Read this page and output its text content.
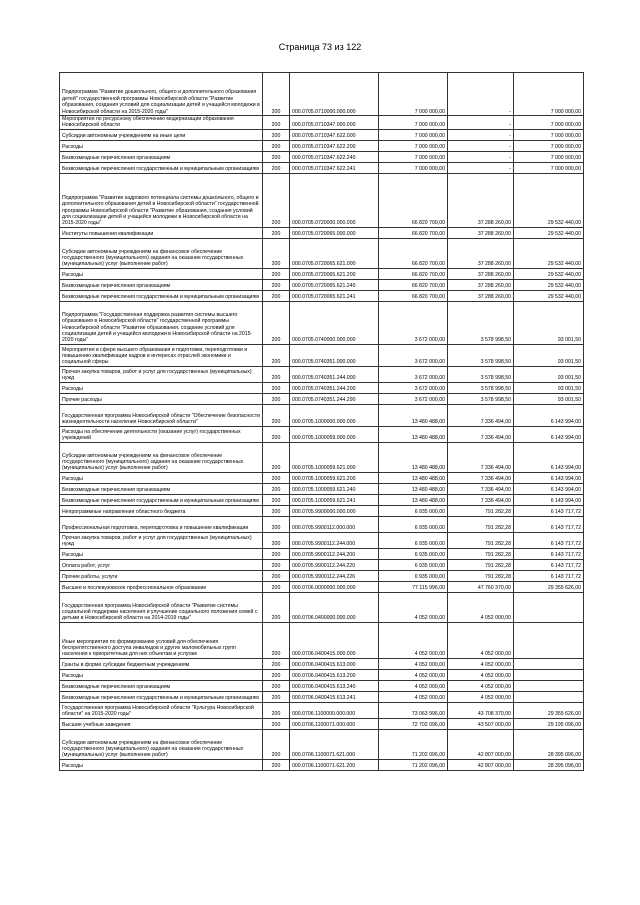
Страница 73 из 122
Подпрограмма "Развитие дошкольного, общего и дополнительного образования детей" государственной программы Новосибирской области "Развитие образования, создания условий для социализации детей и учащейся молодежи в Новосибирской области на 2015-2020 годы"	200	000.0705.0710000.000.000	7 000 000,00	-	7 000 000,00
Мероприятия по ресурсному обеспечению модернизации образования Новосибирской области	200	000.0705.0710347.000.000	7 000 000,00	-	7 000 000,00
Субсидии автономным учреждениям на иные цели	200	000.0705.0710347.622.000	7 000 000,00	-	7 000 000,00
Расходы	200	000.0705.0710347.622.200	7 000 000,00	-	7 000 000,00
Безвозмездные перечисления организациям	200	000.0705.0710347.622.240	7 000 000,00	-	7 000 000,00
Безвозмездные перечисления государственным и муниципальным организациям	200	000.0705.0710347.622.241	7 000 000,00	-	7 000 000,00
Подпрограмма "Развитие кадрового потенциала системы дошкольного, общего и дополнительного образования детей в Новосибирской области" государственной программы Новосибирской области "Развитие образования, создания условий для социализации детей и учащейся молодежи в Новосибирской области на 2015-2020 годы"	200	000.0705.0720000.000.000	66 820 700,00	37 288 260,00	29 532 440,00
Институты повышения квалификации	200	000.0705.0720065.000.000	66 820 700,00	37 288 260,00	29 532 440,00
Субсидии автономным учреждениям на финансовое обеспечение государственного (муниципального) задания на оказание государственных (муниципальных) услуг (выполнение работ)	200	000.0705.0720065.621.000	66 820 700,00	37 288 260,00	29 532 440,00
Расходы	200	000.0705.0720065.621.200	66 820 700,00	37 288 260,00	29 532 440,00
Безвозмездные перечисления организациям	200	000.0705.0720065.621.240	66 820 700,00	37 288 260,00	29 532 440,00
Безвозмездные перечисления государственным и муниципальным организациям	200	000.0705.0720065.621.241	66 820 700,00	37 288 260,00	29 532 440,00
Подпрограмма "Государственная поддержка развития системы высшего образования в Новосибирской области" государственной программы Новосибирской области "Развитие образования, создание условий для социализации детей и учащейся молодежи в Новосибирской области на 2015-2020 годы"	200	000.0705.0740000.000.000	3 672 000,00	3 578 998,50	93 001,50
Мероприятия в сфере высшего образования и подготовки, переподготовки и повышению квалификации кадров в интересах отраслей экономики и социальной сферы	200	000.0705.0740351.000.000	3 672 000,00	3 578 998,50	93 001,50
Прочая закупка товаров, работ и услуг для государственных (муниципальных) нужд	200	000.0705.0740351.244.000	3 672 000,00	3 578 998,50	93 001,50
Расходы	200	000.0705.0740351.244.200	3 672 000,00	3 578 998,50	93 001,50
Прочие расходы	200	000.0705.0740351.244.290	3 672 000,00	3 578 998,50	93 001,50
Государственная программа Новосибирской области "Обеспечение безопасности жизнедеятельности населения Новосибирской области"	200	000.0705.1000000.000.000	13 480 488,00	7 336 494,00	6 143 994,00
Расходы на обеспечение деятельности (оказание услуг) государственных учреждений	200	000.0705.1000059.000.000	13 480 488,00	7 336 494,00	6 143 994,00
Субсидии автономным учреждениям на финансовое обеспечение государственного (муниципального) задания на оказание государственных (муниципальных) услуг (выполнение работ)	200	000.0705.1000059.621.000	13 480 488,00	7 336 494,00	6 143 994,00
Расходы	200	000.0705.1000059.621.200	13 480 488,00	7 336 494,00	6 143 994,00
Безвозмездные перечисления организациям	200	000.0705.1000059.621.240	13 480 488,00	7 336 494,00	6 143 994,00
Безвозмездные перечисления государственным и муниципальным организациям	200	000.0705.1000059.621.241	13 480 488,00	7 336 494,00	6 143 994,00
Непрограммные направления областного бюджета	200	000.0705.9900000.000.000	6 935 000,00	791 282,28	6 143 717,72
Профессиональная подготовка, переподготовка и повышение квалификации	200	000.0705.9900112.000.000	6 935 000,00	791 282,28	6 143 717,72
Прочая закупка товаров, работ и услуг для государственных (муниципальных) нужд	200	000.0705.9900112.244.000	6 935 000,00	791 282,28	6 143 717,72
Расходы	200	000.0705.9900112.244.200	6 935 000,00	791 282,28	6 143 717,72
Оплата работ, услуг	200	000.0705.9900112.244.220	6 935 000,00	791 282,28	6 143 717,72
Прочие работы, услуги	200	000.0705.9900112.244.226	6 935 000,00	791 282,28	6 143 717,72
Высшее и послевузовское профессиональное образование	200	000.0706.0000000.000.000	77 115 996,00	47 760 370,00	29 355 626,00
Государственная программа Новосибирской области "Развитие системы социальной поддержки населения и улучшение социального положения семей с детьми в Новосибирской области на 2014-2019 годы"	200	000.0706.0400000.000.000	4 052 000,00	4 052 000,00	
Иные мероприятия по формированию условий для обеспечения беспрепятственного доступа инвалидов и других маломобильных групп населения к приоритетным для них объектам и услугам	200	000.0706.0400415.000.000	4 052 000,00	4 052 000,00	
Гранты в форме субсидии бюджетным учреждениям	200	000.0706.0400415.613.000	4 052 000,00	4 052 000,00	
Расходы	200	000.0706.0400415.613.200	4 052 000,00	4 052 000,00	
Безвозмездные перечисления организациям	200	000.0706.0400415.613.240	4 052 000,00	4 052 000,00	
Безвозмездные перечисления государственным и муниципальным организациям	200	000.0706.0400415.613.241	4 052 000,00	4 052 000,00	
Государственная программа Новосибирской области "Культура Новосибирской области" на 2015-2020 годы"	200	000.0706.1100000.000.000	73 063 996,00	43 708 370,00	29 355 626,00
Высшие учебные заведения	200	000.0706.1100071.000.000	72 702 096,00	43 507 000,00	29 195 096,00
Субсидии автономным учреждениям на финансовое обеспечение государственного (муниципального) задания на оказание государственных (муниципальных) услуг (выполнение работ)	200	000.0706.1100071.621.000	71 202 096,00	42 807 000,00	28 395 096,00
Расходы	200	000.0706.1100071.621.200	71 202 096,00	42 807 000,00	28 395 096,00
